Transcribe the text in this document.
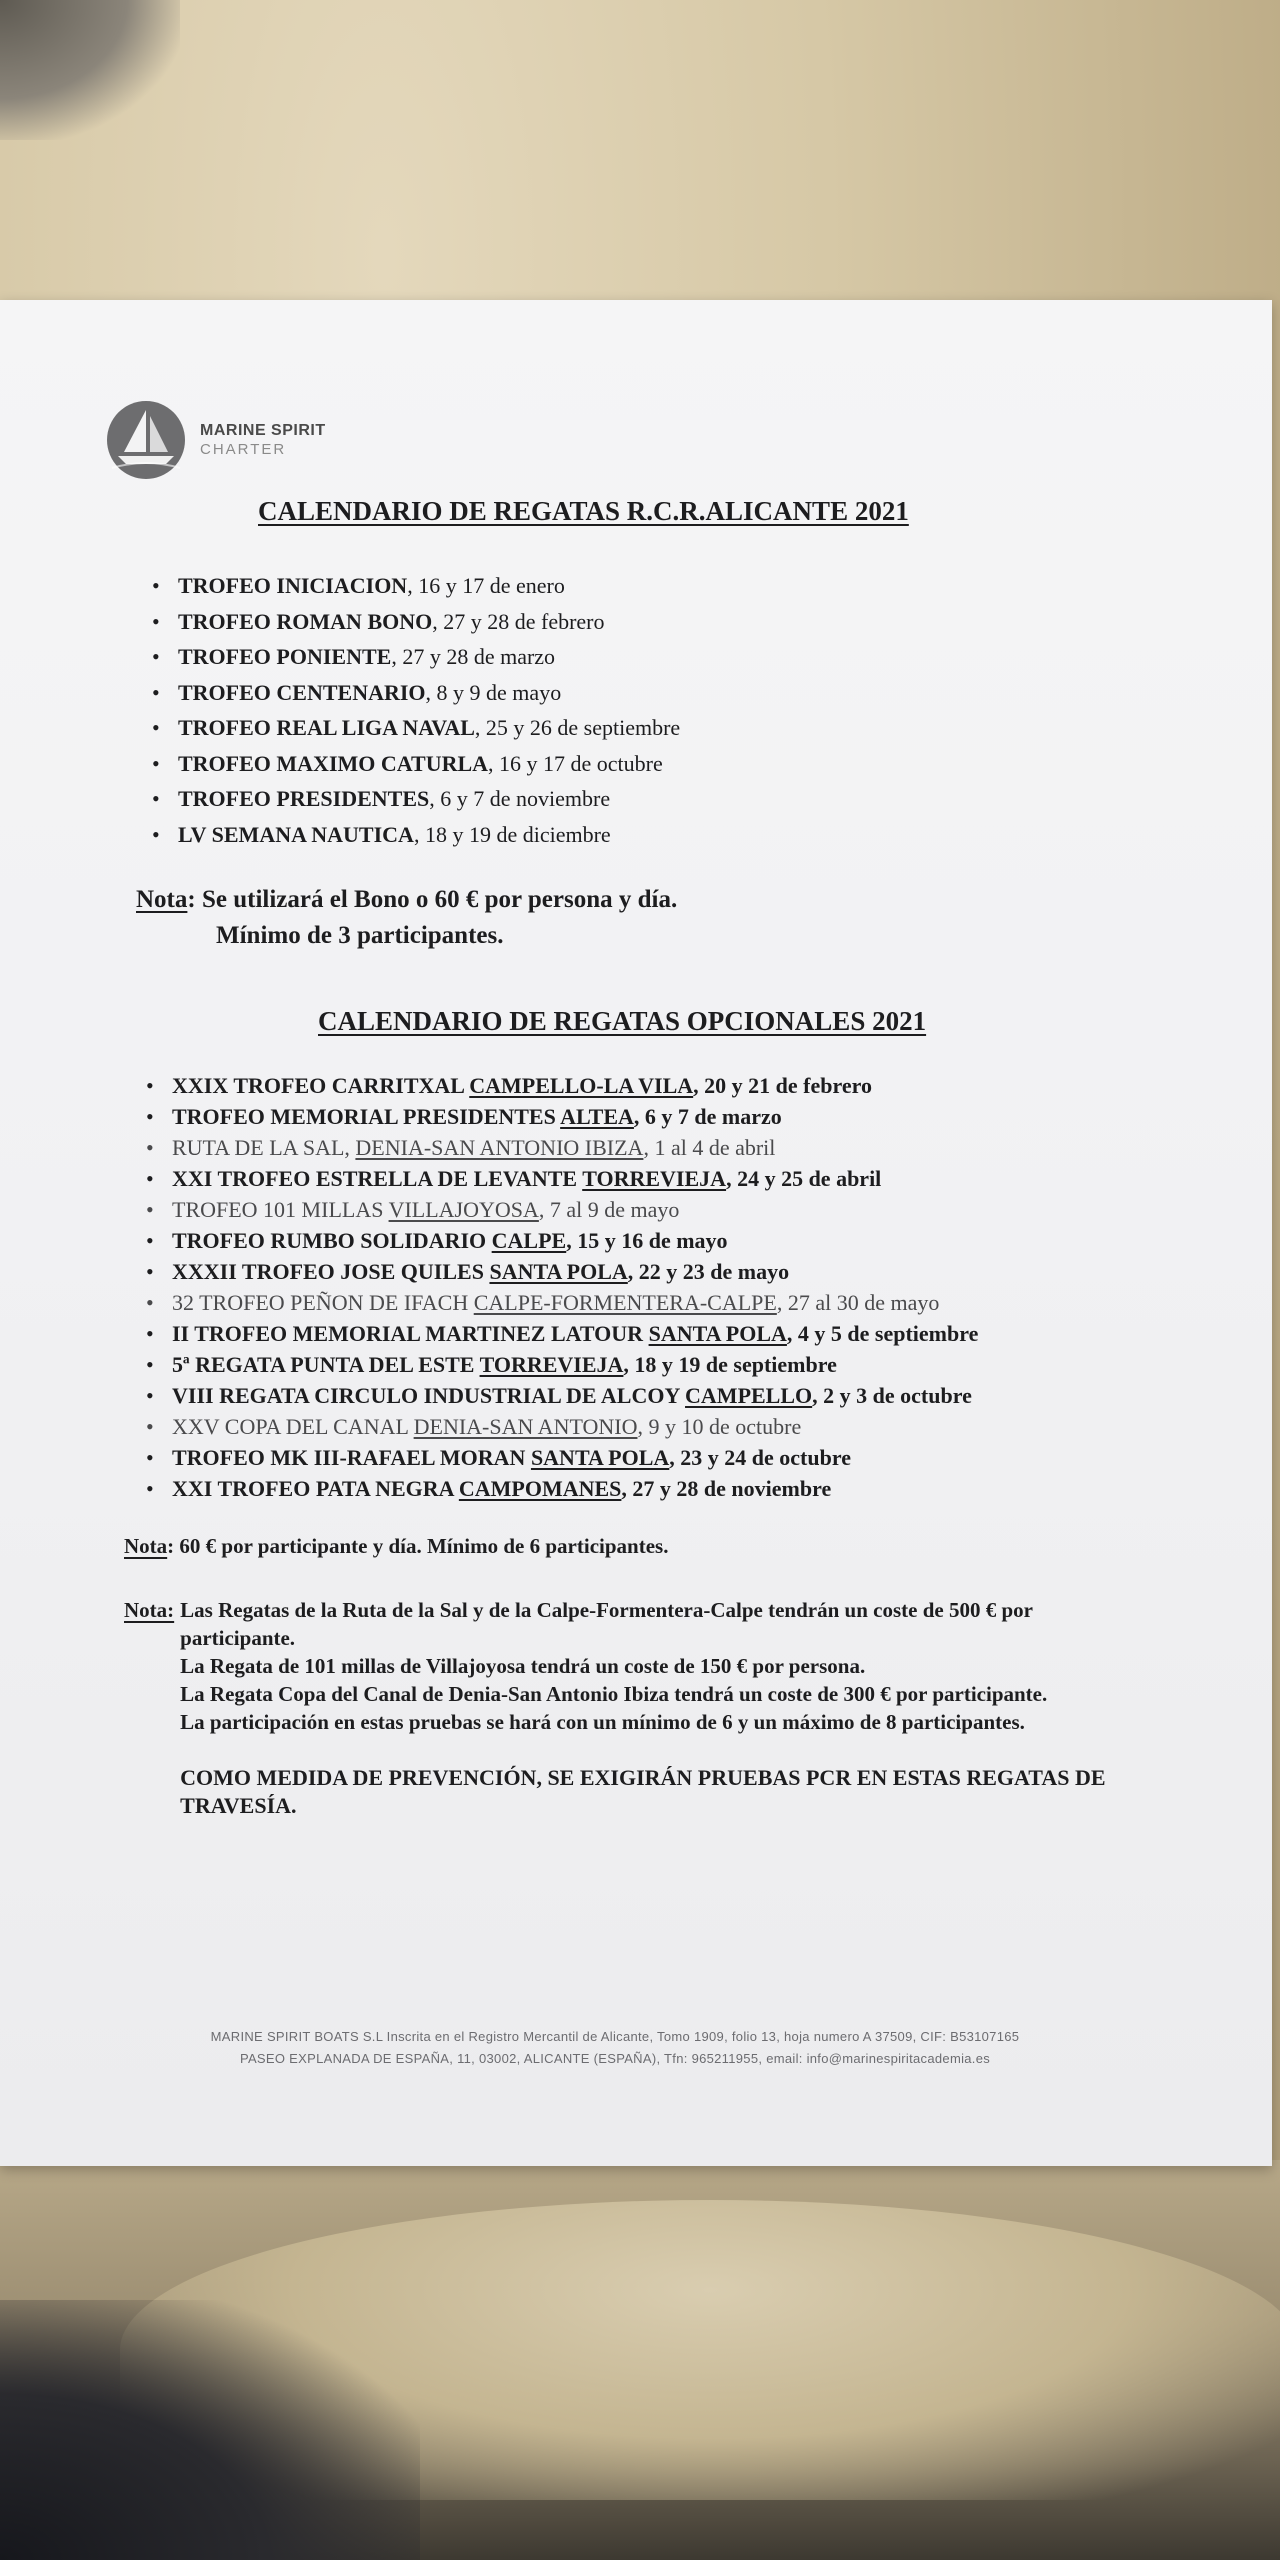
MARINE SPIRIT
CHARTER
CALENDARIO DE REGATAS R.C.R.ALICANTE 2021
• TROFEO INICIACION, 16 y 17 de enero
• TROFEO ROMAN BONO, 27 y 28 de febrero
• TROFEO PONIENTE, 27 y 28 de marzo
• TROFEO CENTENARIO, 8 y 9 de mayo
• TROFEO REAL LIGA NAVAL, 25 y 26 de septiembre
• TROFEO MAXIMO CATURLA, 16 y 17 de octubre
• TROFEO PRESIDENTES, 6 y 7 de noviembre
• LV SEMANA NAUTICA, 18 y 19 de diciembre
Nota: Se utilizará el Bono o 60 € por persona y día.
Mínimo de 3 participantes.
CALENDARIO DE REGATAS OPCIONALES 2021
• XXIX TROFEO CARRITXAL CAMPELLO-LA VILA, 20 y 21 de febrero
• TROFEO MEMORIAL PRESIDENTES ALTEA, 6 y 7 de marzo
• RUTA DE LA SAL, DENIA-SAN ANTONIO IBIZA, 1 al 4 de abril
• XXI TROFEO ESTRELLA DE LEVANTE TORREVIEJA, 24 y 25 de abril
• TROFEO 101 MILLAS VILLAJOYOSA, 7 al 9 de mayo
• TROFEO RUMBO SOLIDARIO CALPE, 15 y 16 de mayo
• XXXII TROFEO JOSE QUILES SANTA POLA, 22 y 23 de mayo
• 32 TROFEO PEÑON DE IFACH CALPE-FORMENTERA-CALPE, 27 al 30 de mayo
• II TROFEO MEMORIAL MARTINEZ LATOUR SANTA POLA, 4 y 5 de septiembre
• 5ª REGATA PUNTA DEL ESTE TORREVIEJA, 18 y 19 de septiembre
• VIII REGATA CIRCULO INDUSTRIAL DE ALCOY CAMPELLO, 2 y 3 de octubre
• XXV COPA DEL CANAL DENIA-SAN ANTONIO, 9 y 10 de octubre
• TROFEO MK III-RAFAEL MORAN SANTA POLA, 23 y 24 de octubre
• XXI TROFEO PATA NEGRA CAMPOMANES, 27 y 28 de noviembre
Nota: 60 € por participante y día. Mínimo de 6 participantes.
Nota: Las Regatas de la Ruta de la Sal y de la Calpe-Formentera-Calpe tendrán un coste de 500 € por participante.

La Regata de 101 millas de Villajoyosa tendrá un coste de 150 € por persona.

La Regata Copa del Canal de Denia-San Antonio Ibiza tendrá un coste de 300 € por participante.

La participación en estas pruebas se hará con un mínimo de 6 y un máximo de 8 participantes.

COMO MEDIDA DE PREVENCIÓN, SE EXIGIRÁN PRUEBAS PCR EN ESTAS REGATAS DE TRAVESÍA.

MARINE SPIRIT BOATS S.L Inscrita en el Registro Mercantil de Alicante, Tomo 1909, folio 13, hoja numero A 37509, CIF: B53107165
PASEO EXPLANADA DE ESPAÑA, 11, 03002, ALICANTE (ESPAÑA), Tfn: 965211955, email: info@marinespiritacademia.es
